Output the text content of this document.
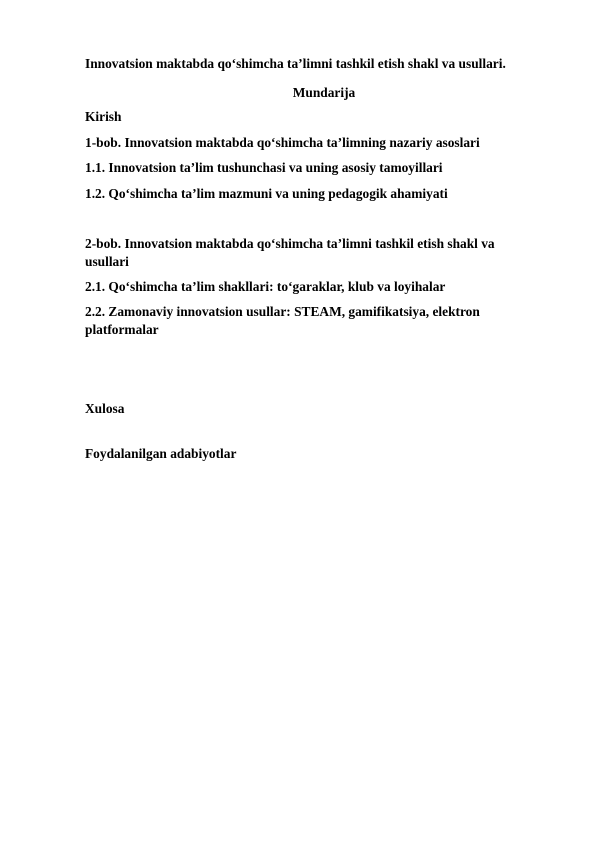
Innovatsion maktabda qo‘shimcha ta’limni tashkil etish shakl va usullari.
Mundarija
Kirish
1-bob. Innovatsion maktabda qo‘shimcha ta’limning nazariy asoslari
1.1. Innovatsion ta’lim tushunchasi va uning asosiy tamoyillari
1.2. Qo‘shimcha ta’lim mazmuni va uning pedagogik ahamiyati
2-bob. Innovatsion maktabda qo‘shimcha ta’limni tashkil etish shakl va usullari
2.1. Qo‘shimcha ta’lim shakllari: to‘garaklar, klub va loyihalar
2.2. Zamonaviy innovatsion usullar: STEAM, gamifikatsiya, elektron platformalar
Xulosa
Foydalanilgan adabiyotlar
